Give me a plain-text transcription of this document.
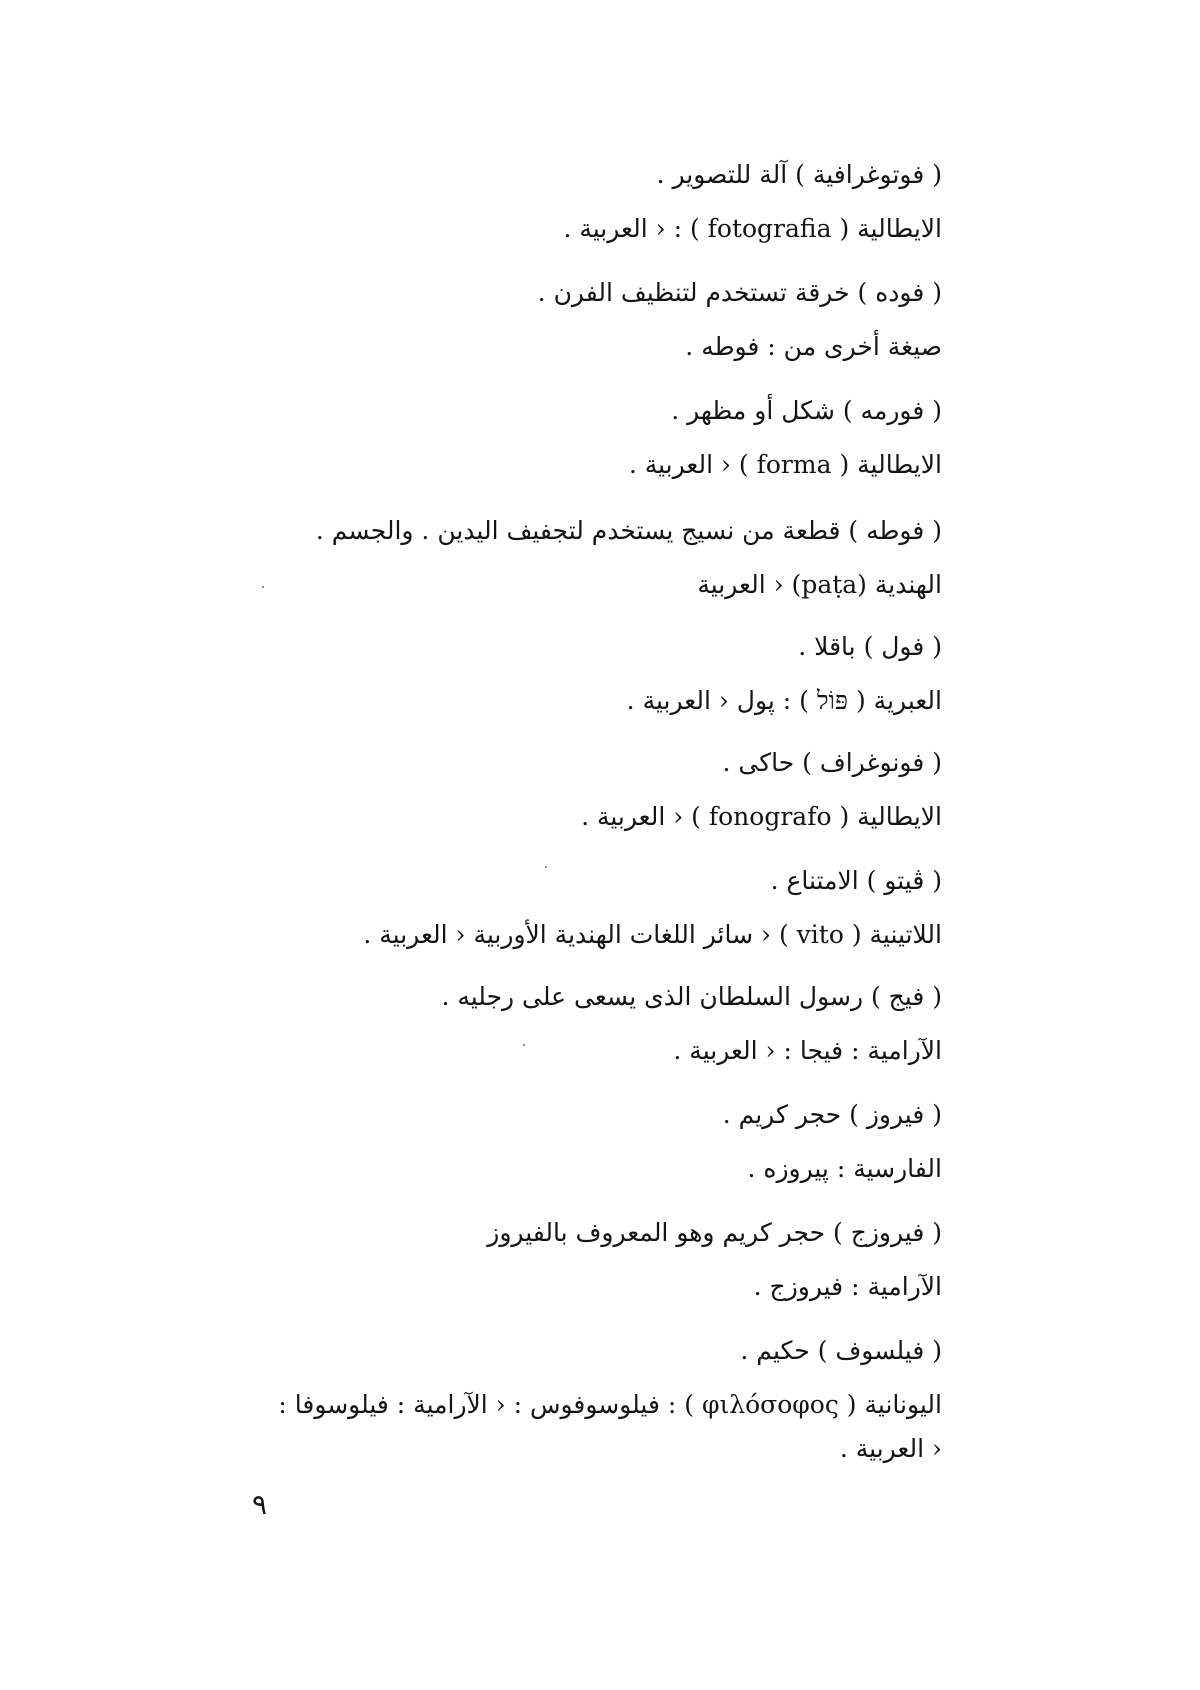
( فوتوغرافية ) آلة للتصوير .
الايطالية ( fotografia ) : ‹ العربية .
( فوده ) خرقة تستخدم لتنظيف الفرن .
صيغة أخرى من : فوطه .
( فورمه ) شكل أو مظهر .
الايطالية ( forma ) ‹ العربية .
( فوطه ) قطعة من نسيج يستخدم لتجفيف اليدين . والجسم .
الهندية (paṭa) ‹ العربية
( فول ) باقلا .
العبرية ( פּוֹל ) : پول ‹ العربية .
( فونوغراف ) حاكى .
الايطالية ( fonografo ) ‹ العربية .
( ڤيتو ) الامتناع .
اللاتينية ( vito ) ‹ سائر اللغات الهندية الأوربية ‹ العربية .
( فيج ) رسول السلطان الذى يسعى على رجليه .
الآرامية : فيجا : ‹ العربية .
( فيروز ) حجر كريم .
الفارسية : پيروزه .
( فيروزج ) حجر كريم وهو المعروف بالفيروز
الآرامية : فيروزج .
( فيلسوف ) حكيم .
اليونانية ( φιλόσοφος ) : فيلوسوفوس : ‹ الآرامية : فيلوسوفا :
‹ العربية .
٩
